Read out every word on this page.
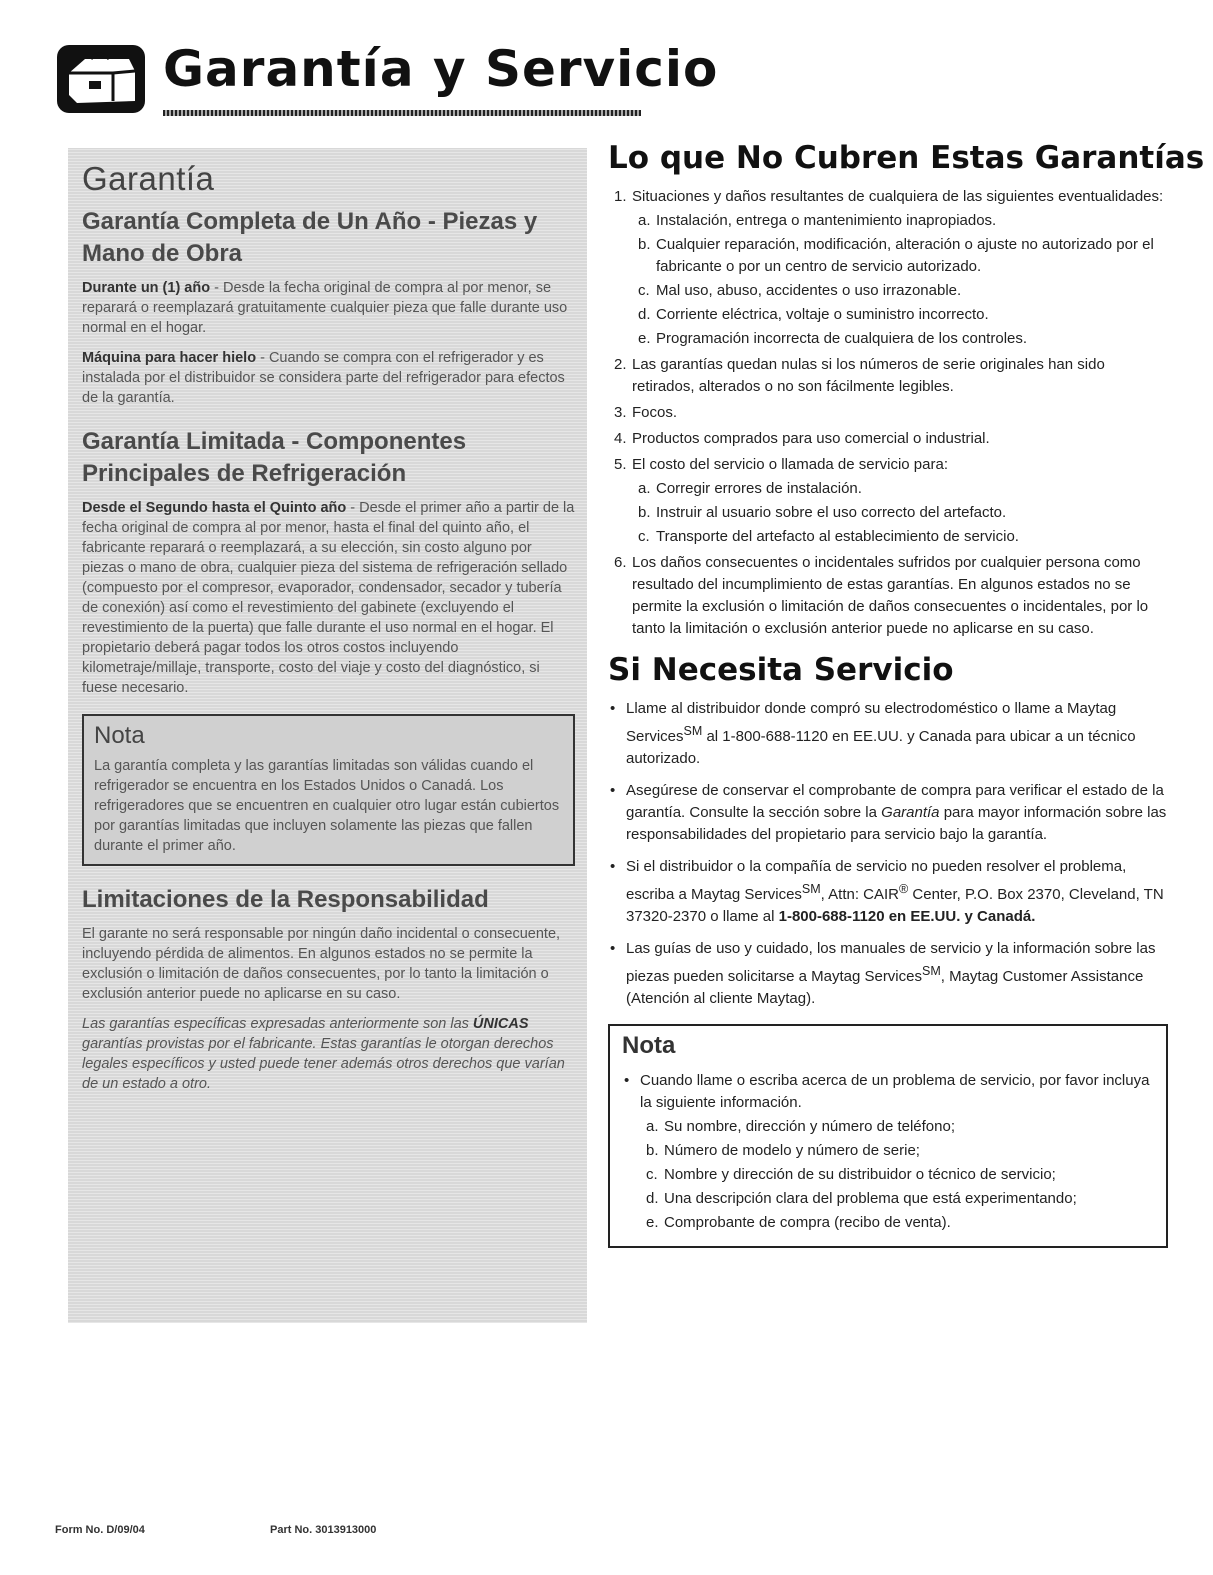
Garantía y Servicio
Garantía
Garantía Completa de Un Año - Piezas y Mano de Obra

Durante un (1) año - Desde la fecha original de compra al por menor, se reparará o reemplazará gratuitamente cualquier pieza que falle durante uso normal en el hogar.

Máquina para hacer hielo - Cuando se compra con el refrigerador y es instalada por el distribuidor se considera parte del refrigerador para efectos de la garantía.

Garantía Limitada - Componentes Principales de Refrigeración

Desde el Segundo hasta el Quinto año - Desde el primer año a partir de la fecha original de compra al por menor, hasta el final del quinto año, el fabricante reparará o reemplazará, a su elección, sin costo alguno por piezas o mano de obra, cualquier pieza del sistema de refrigeración sellado (compuesto por el compresor, evaporador, condensador, secador y tubería de conexión) así como el revestimiento del gabinete (excluyendo el revestimiento de la puerta) que falle durante el uso normal en el hogar. El propietario deberá pagar todos los otros costos incluyendo kilometraje/millaje, transporte, costo del viaje y costo del diagnóstico, si fuese necesario.

Nota

La garantía completa y las garantías limitadas son válidas cuando el refrigerador se encuentra en los Estados Unidos o Canadá. Los refrigeradores que se encuentren en cualquier otro lugar están cubiertos por garantías limitadas que incluyen solamente las piezas que fallen durante el primer año.

Limitaciones de la Responsabilidad

El garante no será responsable por ningún daño incidental o consecuente, incluyendo pérdida de alimentos. En algunos estados no se permite la exclusión o limitación de daños consecuentes, por lo tanto la limitación o exclusión anterior puede no aplicarse en su caso.

Las garantías específicas expresadas anteriormente son las ÚNICAS garantías provistas por el fabricante. Estas garantías le otorgan derechos legales específicos y usted puede tener además otros derechos que varían de un estado a otro.

Lo que No Cubren Estas Garantías
1. Situaciones y daños resultantes de cualquiera de las siguientes eventualidades:
a. Instalación, entrega o mantenimiento inapropiados.
b. Cualquier reparación, modificación, alteración o ajuste no autorizado por el fabricante o por un centro de servicio autorizado.
c. Mal uso, abuso, accidentes o uso irrazonable.
d. Corriente eléctrica, voltaje o suministro incorrecto.
e. Programación incorrecta de cualquiera de los controles.
2. Las garantías quedan nulas si los números de serie originales han sido retirados, alterados o no son fácilmente legibles.
3. Focos.
4. Productos comprados para uso comercial o industrial.
5. El costo del servicio o llamada de servicio para:
a. Corregir errores de instalación.
b. Instruir al usuario sobre el uso correcto del artefacto.
c. Transporte del artefacto al establecimiento de servicio.
6. Los daños consecuentes o incidentales sufridos por cualquier persona como resultado del incumplimiento de estas garantías. En algunos estados no se permite la exclusión o limitación de daños consecuentes o incidentales, por lo tanto la limitación o exclusión anterior puede no aplicarse en su caso.
Si Necesita Servicio
• Llame al distribuidor donde compró su electrodoméstico o llame a Maytag Services℠ al 1-800-688-1120 en EE.UU. y Canada para ubicar a un técnico autorizado.
• Asegúrese de conservar el comprobante de compra para verificar el estado de la garantía. Consulte la sección sobre la Garantía para mayor información sobre las responsabilidades del propietario para servicio bajo la garantía.
• Si el distribuidor o la compañía de servicio no pueden resolver el problema, escriba a Maytag Services℠, Attn: CAIR® Center, P.O. Box 2370, Cleveland, TN 37320-2370 o llame al 1-800-688-1120 en EE.UU. y Canadá.
• Las guías de uso y cuidado, los manuales de servicio y la información sobre las piezas pueden solicitarse a Maytag Services℠, Maytag Customer Assistance (Atención al cliente Maytag).
Nota
• Cuando llame o escriba acerca de un problema de servicio, por favor incluya la siguiente información.
a. Su nombre, dirección y número de teléfono;
b. Número de modelo y número de serie;
c. Nombre y dirección de su distribuidor o técnico de servicio;
d. Una descripción clara del problema que está experimentando;
e. Comprobante de compra (recibo de venta).
Form No. D/09/04	Part No. 3013913000
